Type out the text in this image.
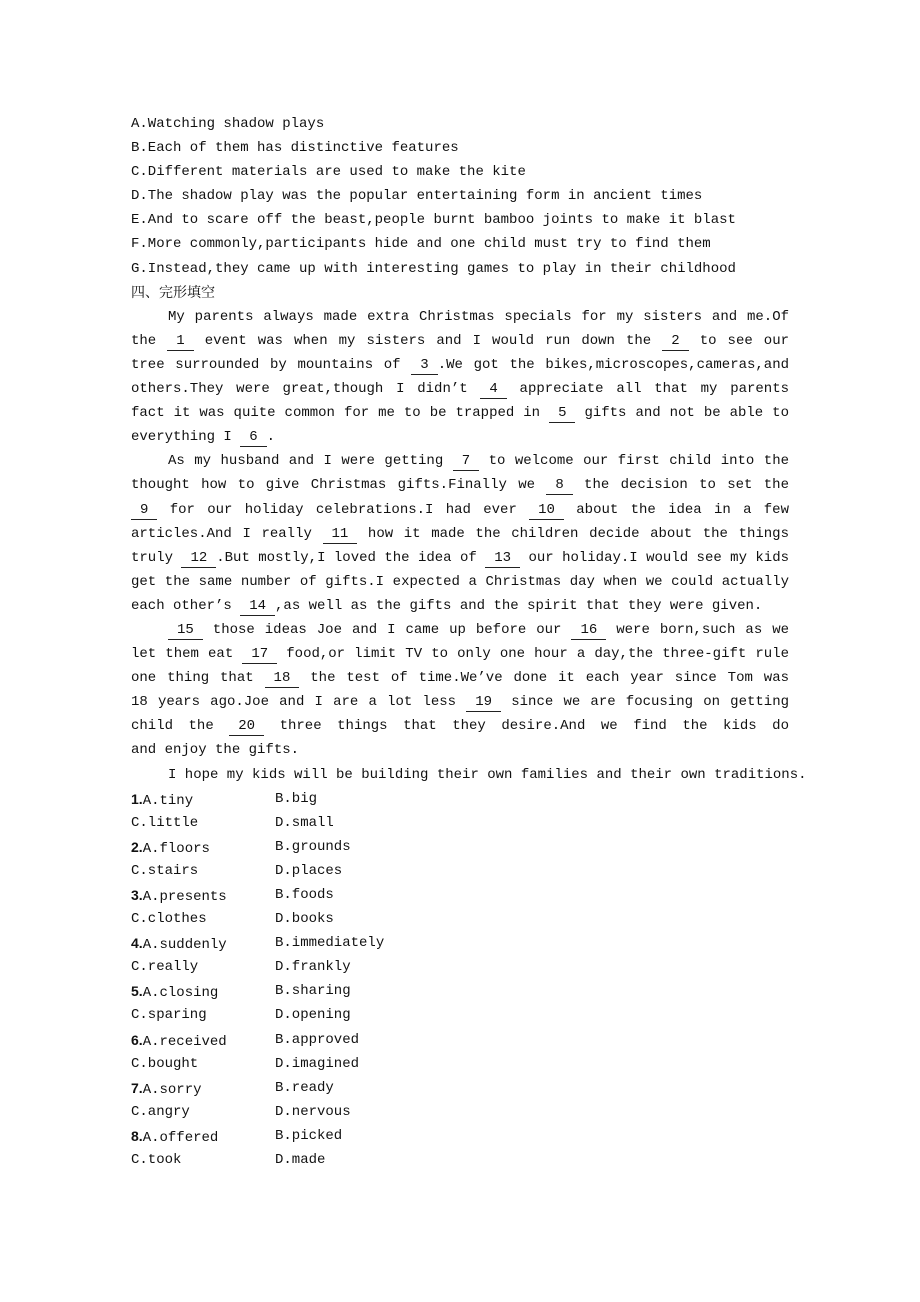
A.Watching shadow plays
B.Each of them has distinctive features
C.Different materials are used to make the kite
D.The shadow play was the popular entertaining form in ancient times
E.And to scare off the beast,people burnt bamboo joints to make it blast
F.More commonly,participants hide and one child must try to find them
G.Instead,they came up with interesting games to play in their childhood
四、完形填空
My parents always made extra Christmas specials for my sisters and me.Of
the 1 event was when my sisters and I would run down the 2 to see our
tree surrounded by mountains of 3 .We got the bikes,microscopes,cameras,and
others.They were great,though I didn’t 4 appreciate all that my parents
fact it was quite common for me to be trapped in 5 gifts and not be able to
everything I 6 .
As my husband and I were getting 7 to welcome our first child into the
thought how to give Christmas gifts.Finally we 8 the decision to set the
9 for our holiday celebrations.I had ever 10 about the idea in a few
articles.And I really 11 how it made the children decide about the things
truly 12 .But mostly,I loved the idea of 13 our holiday.I would see my kids
get the same number of gifts.I expected a Christmas day when we could actually
each other’s 14 ,as well as the gifts and the spirit that they were given.
15 those ideas Joe and I came up before our 16 were born,such as we
let them eat 17 food,or limit TV to only one hour a day,the three-gift rule
one thing that 18 the test of time.We’ve done it each year since Tom was
18 years ago.Joe and I are a lot less 19 since we are focusing on getting
child the 20 three things that they desire.And we find the kids do
and enjoy the gifts.
I hope my kids will be building their own families and their own traditions.
1.A.tiny	B.big
C.little	D.small
2.A.floors	B.grounds
C.stairs	D.places
3.A.presents	B.foods
C.clothes	D.books
4.A.suddenly	B.immediately
C.really	D.frankly
5.A.closing	B.sharing
C.sparing	D.opening
6.A.received	B.approved
C.bought	D.imagined
7.A.sorry	B.ready
C.angry	D.nervous
8.A.offered	B.picked
C.took	D.made
